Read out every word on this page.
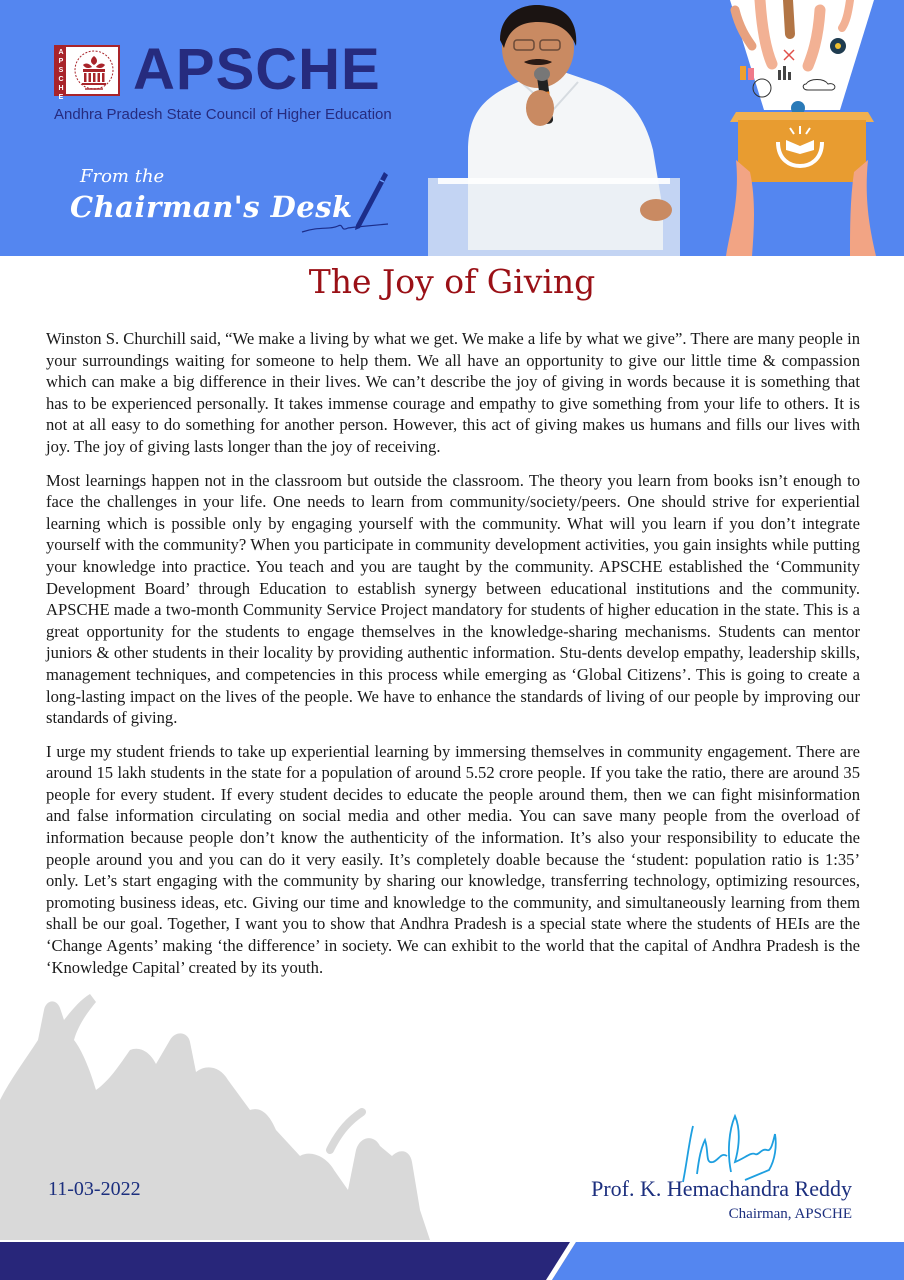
A
P
S
C
H
E APSCHE
Andhra Pradesh State Council of Higher Education
From the
Chairman's Desk
The Joy of Giving

Winston S. Churchill said, “We make a living by what we get. We make a life by what we give”. There are many people in your surroundings waiting for someone to help them. We all have an opportunity to give our little time & compassion which can make a big difference in their lives. We can’t describe the joy of giving in words because it is something that has to be experienced personally. It takes immense courage and empathy to give something from your life to others. It is not at all easy to do something for another person. However, this act of giving makes us humans and fills our lives with joy. The joy of giving lasts longer than the joy of receiving.

Most learnings happen not in the classroom but outside the classroom. The theory you learn from books isn’t enough to face the challenges in your life. One needs to learn from community/society/peers. One should strive for experiential learning which is possible only by engaging yourself with the community. What will you learn if you don’t integrate yourself with the community? When you participate in community development activities, you gain insights while putting your knowledge into practice. You teach and you are taught by the community. APSCHE established the ‘Community Development Board’ through Education to establish synergy between educational institutions and the community. APSCHE made a two-month Community Service Project mandatory for students of higher education in the state. This is a great opportunity for the students to engage themselves in the knowledge-sharing mechanisms. Students can mentor juniors & other students in their locality by providing authentic information. Stu-dents develop empathy, leadership skills, management techniques, and competencies in this process while emerging as ‘Global Citizens’. This is going to create a long-lasting impact on the lives of the people. We have to enhance the standards of living of our people by improving our standards of giving.

I urge my student friends to take up experiential learning by immersing themselves in community engagement. There are around 15 lakh students in the state for a population of around 5.52 crore people. If you take the ratio, there are around 35 people for every student. If every student decides to educate the people around them, then we can fight misinformation and false information circulating on social media and other media. You can save many people from the overload of information because people don’t know the authenticity of the information. It’s also your responsibility to educate the people around you and you can do it very easily. It’s completely doable because the ‘student: population ratio is 1:35’ only. Let’s start engaging with the community by sharing our knowledge, transferring technology, optimizing resources, promoting business ideas, etc. Giving our time and knowledge to the community, and simultaneously learning from them shall be our goal. Together, I want you to show that Andhra Pradesh is a special state where the students of HEIs are the ‘Change Agents’ making ‘the difference’ in society. We can exhibit to the world that the capital of Andhra Pradesh is the ‘Knowledge Capital’ created by its youth.

11-03-2022	Prof. K. Hemachandra Reddy
Chairman, APSCHE
